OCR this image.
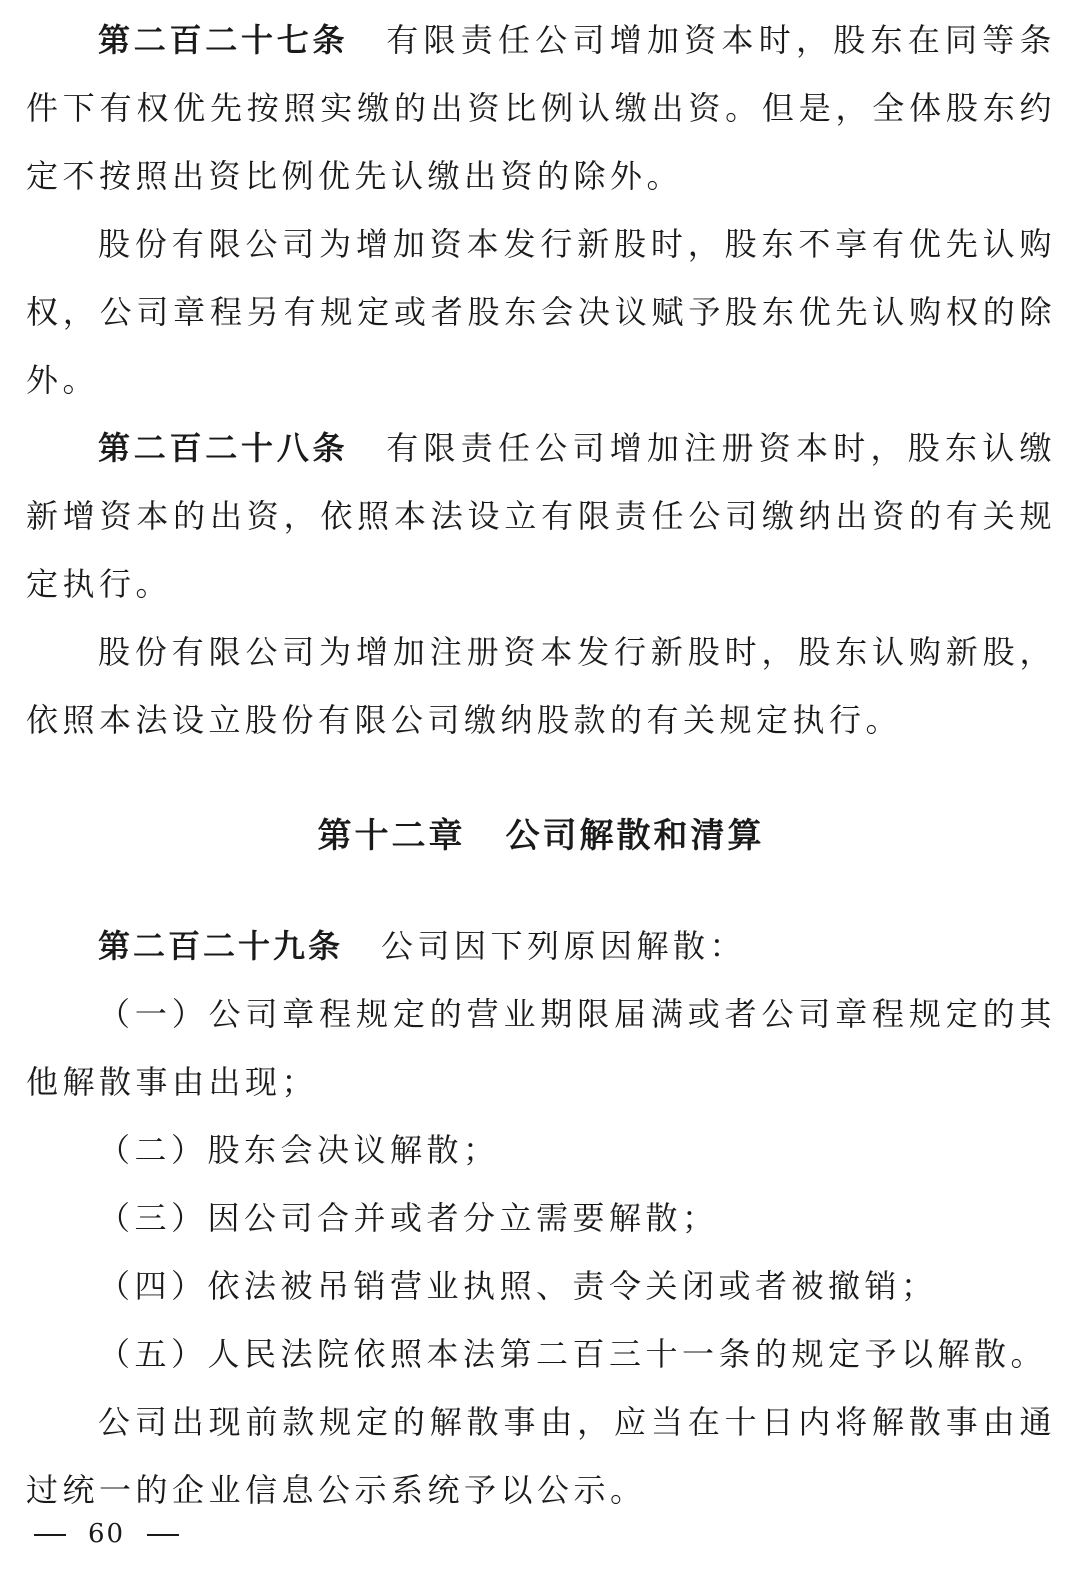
第二百二十七条 有限责任公司增加资本时，股东在同等条件下有权优先按照实缴的出资比例认缴出资。但是，全体股东约定不按照出资比例优先认缴出资的除外。

股份有限公司为增加资本发行新股时，股东不享有优先认购权，公司章程另有规定或者股东会决议赋予股东优先认购权的除外。

第二百二十八条 有限责任公司增加注册资本时，股东认缴新增资本的出资，依照本法设立有限责任公司缴纳出资的有关规定执行。

股份有限公司为增加注册资本发行新股时，股东认购新股，依照本法设立股份有限公司缴纳股款的有关规定执行。

第十二章 公司解散和清算

第二百二十九条 公司因下列原因解散：

（一）公司章程规定的营业期限届满或者公司章程规定的其他解散事由出现；

（二）股东会决议解散；

（三）因公司合并或者分立需要解散；

（四）依法被吊销营业执照、责令关闭或者被撤销；

（五）人民法院依照本法第二百三十一条的规定予以解散。

公司出现前款规定的解散事由，应当在十日内将解散事由通过统一的企业信息公示系统予以公示。

60
